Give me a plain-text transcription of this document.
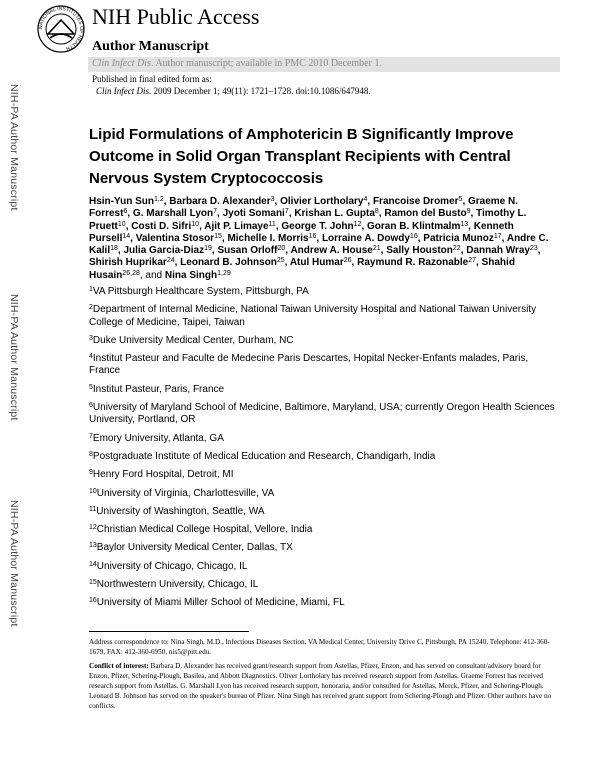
NATIONAL INSTITUTES OF HEALTH
NIH Public Access
Author Manuscript
Clin Infect Dis. Author manuscript; available in PMC 2010 December 1.
Published in final edited form as:
Clin Infect Dis. 2009 December 1; 49(11): 1721–1728. doi:10.1086/647948.
NIH-PA Author Manuscript
NIH-PA Author Manuscript
NIH-PA Author Manuscript
Lipid Formulations of Amphotericin B Significantly Improve Outcome in Solid Organ Transplant Recipients with Central Nervous System Cryptococcosis
Hsin-Yun Sun$^{1,2}$, Barbara D. Alexander$^3$, Olivier Lortholary$^4$, Francoise Dromer$^5$, Graeme N. Forrest$^6$, G. Marshall Lyon$^7$, Jyoti Somani$^7$, Krishan L. Gupta$^8$, Ramon del Busto$^9$, Timothy L. Pruett$^{10}$, Costi D. Sifri$^{10}$, Ajit P. Limaye$^{11}$, George T. John$^{12}$, Goran B. Klintmalm$^{13}$, Kenneth Pursell$^{14}$, Valentina Stosor$^{15}$, Michelle I. Morris$^{16}$, Lorraine A. Dowdy$^{16}$, Patricia Munoz$^{17}$, Andre C. Kalil$^{18}$, Julia Garcia-Diaz$^{19}$, Susan Orloff$^{20}$, Andrew A. House$^{21}$, Sally Houston$^{22}$, Dannah Wray$^{23}$, Shirish Huprikar$^{24}$, Leonard B. Johnson$^{25}$, Atul Humar$^{26}$, Raymund R. Razonable$^{27}$, Shahid Husain$^{26,28}$, and Nina Singh$^{1,29}$
$^1$VA Pittsburgh Healthcare System, Pittsburgh, PA
$^2$Department of Internal Medicine, National Taiwan University Hospital and National Taiwan University College of Medicine, Taipei, Taiwan
$^3$Duke University Medical Center, Durham, NC
$^4$Institut Pasteur and Faculte de Medecine Paris Descartes, Hopital Necker-Enfants malades, Paris, France
$^5$Institut Pasteur, Paris, France
$^6$University of Maryland School of Medicine, Baltimore, Maryland, USA; currently Oregon Health Sciences University, Portland, OR
$^7$Emory University, Atlanta, GA
$^8$Postgraduate Institute of Medical Education and Research, Chandigarh, India
$^9$Henry Ford Hospital, Detroit, MI
$^{10}$University of Virginia, Charlottesville, VA
$^{11}$University of Washington, Seattle, WA
$^{12}$Christian Medical College Hospital, Vellore, India
$^{13}$Baylor University Medical Center, Dallas, TX
$^{14}$University of Chicago, Chicago, IL
$^{15}$Northwestern University, Chicago, IL
$^{16}$University of Miami Miller School of Medicine, Miami, FL

Address correspondence to: Nina Singh, M.D., Infectious Diseases Section, VA Medical Center, University Drive C, Pittsburgh, PA 15240, Telephone: 412-360-1679, FAX: 412-360-6950, nis5@pitt.edu.

Conflict of interest: Barbara D. Alexander has received grant/research support from Astellas, Pfizer, Enzon, and has served on consultant/advisory board for Enzon, Pfizer, Schering-Plough, Basilea, and Abbott Diagnostics. Oliver Lortholary has received research support from Astellas. Graeme Forrest has received research support from Astellas. G. Marshall Lyon has received research support, honoraria, and/or consulted for Astellas, Merck, Pfizer, and Schering-Plough. Leonard B. Johnson has served on the speaker's bureau of Pfizer. Nina Singh has received grant support from Schering-Plough and Pfizer. Other authors have no conflicts.
